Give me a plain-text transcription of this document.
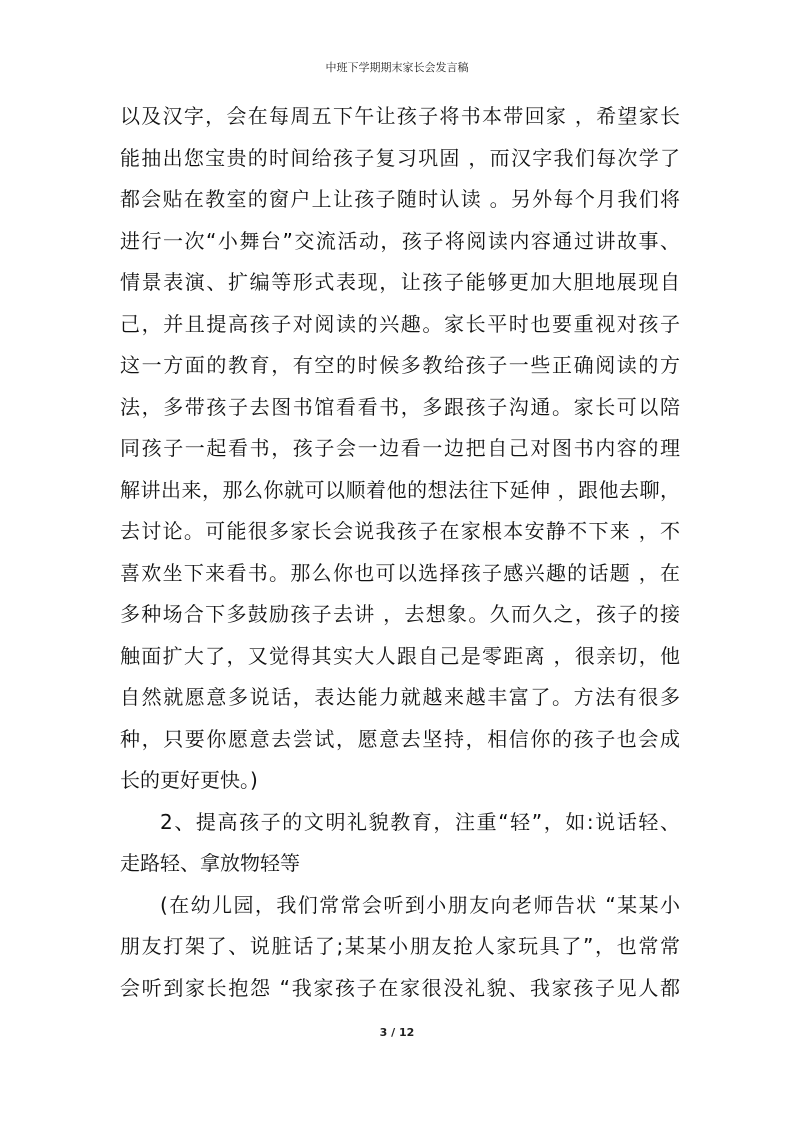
中班下学期期末家长会发言稿
以及汉字，会在每周五下午让孩子将书本带回家 ，希望家长
能抽出您宝贵的时间给孩子复习巩固 ，而汉字我们每次学了
都会贴在教室的窗户上让孩子随时认读 。另外每个月我们将
进行一次“小舞台”交流活动，孩子将阅读内容通过讲故事、
情景表演、扩编等形式表现，让孩子能够更加大胆地展现自
己，并且提高孩子对阅读的兴趣。家长平时也要重视对孩子
这一方面的教育，有空的时候多教给孩子一些正确阅读的方
法，多带孩子去图书馆看看书，多跟孩子沟通。家长可以陪
同孩子一起看书，孩子会一边看一边把自己对图书内容的理
解讲出来，那么你就可以顺着他的想法往下延伸 ，跟他去聊，
去讨论。可能很多家长会说我孩子在家根本安静不下来 ，不
喜欢坐下来看书。那么你也可以选择孩子感兴趣的话题 ，在
多种场合下多鼓励孩子去讲 ，去想象。久而久之，孩子的接
触面扩大了，又觉得其实大人跟自己是零距离 ，很亲切，他
自然就愿意多说话，表达能力就越来越丰富了。方法有很多
种，只要你愿意去尝试，愿意去坚持，相信你的孩子也会成
长的更好更快。)
2、提高孩子的文明礼貌教育，注重“轻”，如:说话轻、
走路轻、拿放物轻等
(在幼儿园，我们常常会听到小朋友向老师告状 “某某小
朋友打架了、说脏话了;某某小朋友抢人家玩具了”，也常常
会听到家长抱怨 “我家孩子在家很没礼貌、我家孩子见人都
3 / 12
